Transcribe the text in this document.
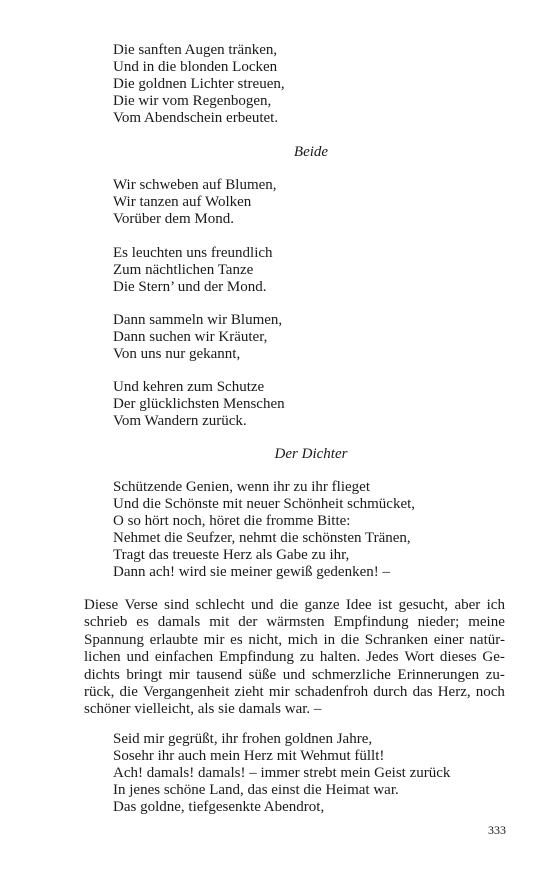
Die sanften Augen tränken,
Und in die blonden Locken
Die goldnen Lichter streuen,
Die wir vom Regenbogen,
Vom Abendschein erbeutet.
Beide
Wir schweben auf Blumen,
Wir tanzen auf Wolken
Vorüber dem Mond.
Es leuchten uns freundlich
Zum nächtlichen Tanze
Die Stern’ und der Mond.
Dann sammeln wir Blumen,
Dann suchen wir Kräuter,
Von uns nur gekannt,
Und kehren zum Schutze
Der glücklichsten Menschen
Vom Wandern zurück.
Der Dichter
Schützende Genien, wenn ihr zu ihr flieget
Und die Schönste mit neuer Schönheit schmücket,
O so hört noch, höret die fromme Bitte:
Nehmet die Seufzer, nehmt die schönsten Tränen,
Tragt das treueste Herz als Gabe zu ihr,
Dann ach! wird sie meiner gewiß gedenken! –
Diese Verse sind schlecht und die ganze Idee ist gesucht, aber ich
schrieb es damals mit der wärmsten Empfindung nieder; meine
Spannung erlaubte mir es nicht, mich in die Schranken einer natür-
lichen und einfachen Empfindung zu halten. Jedes Wort dieses Ge-
dichts bringt mir tausend süße und schmerzliche Erinnerungen zu-
rück, die Vergangenheit zieht mir schadenfroh durch das Herz, noch
schöner vielleicht, als sie damals war. –
Seid mir gegrüßt, ihr frohen goldnen Jahre,
Sosehr ihr auch mein Herz mit Wehmut füllt!
Ach! damals! damals! – immer strebt mein Geist zurück
In jenes schöne Land, das einst die Heimat war.
Das goldne, tiefgesenkte Abendrot,
333
